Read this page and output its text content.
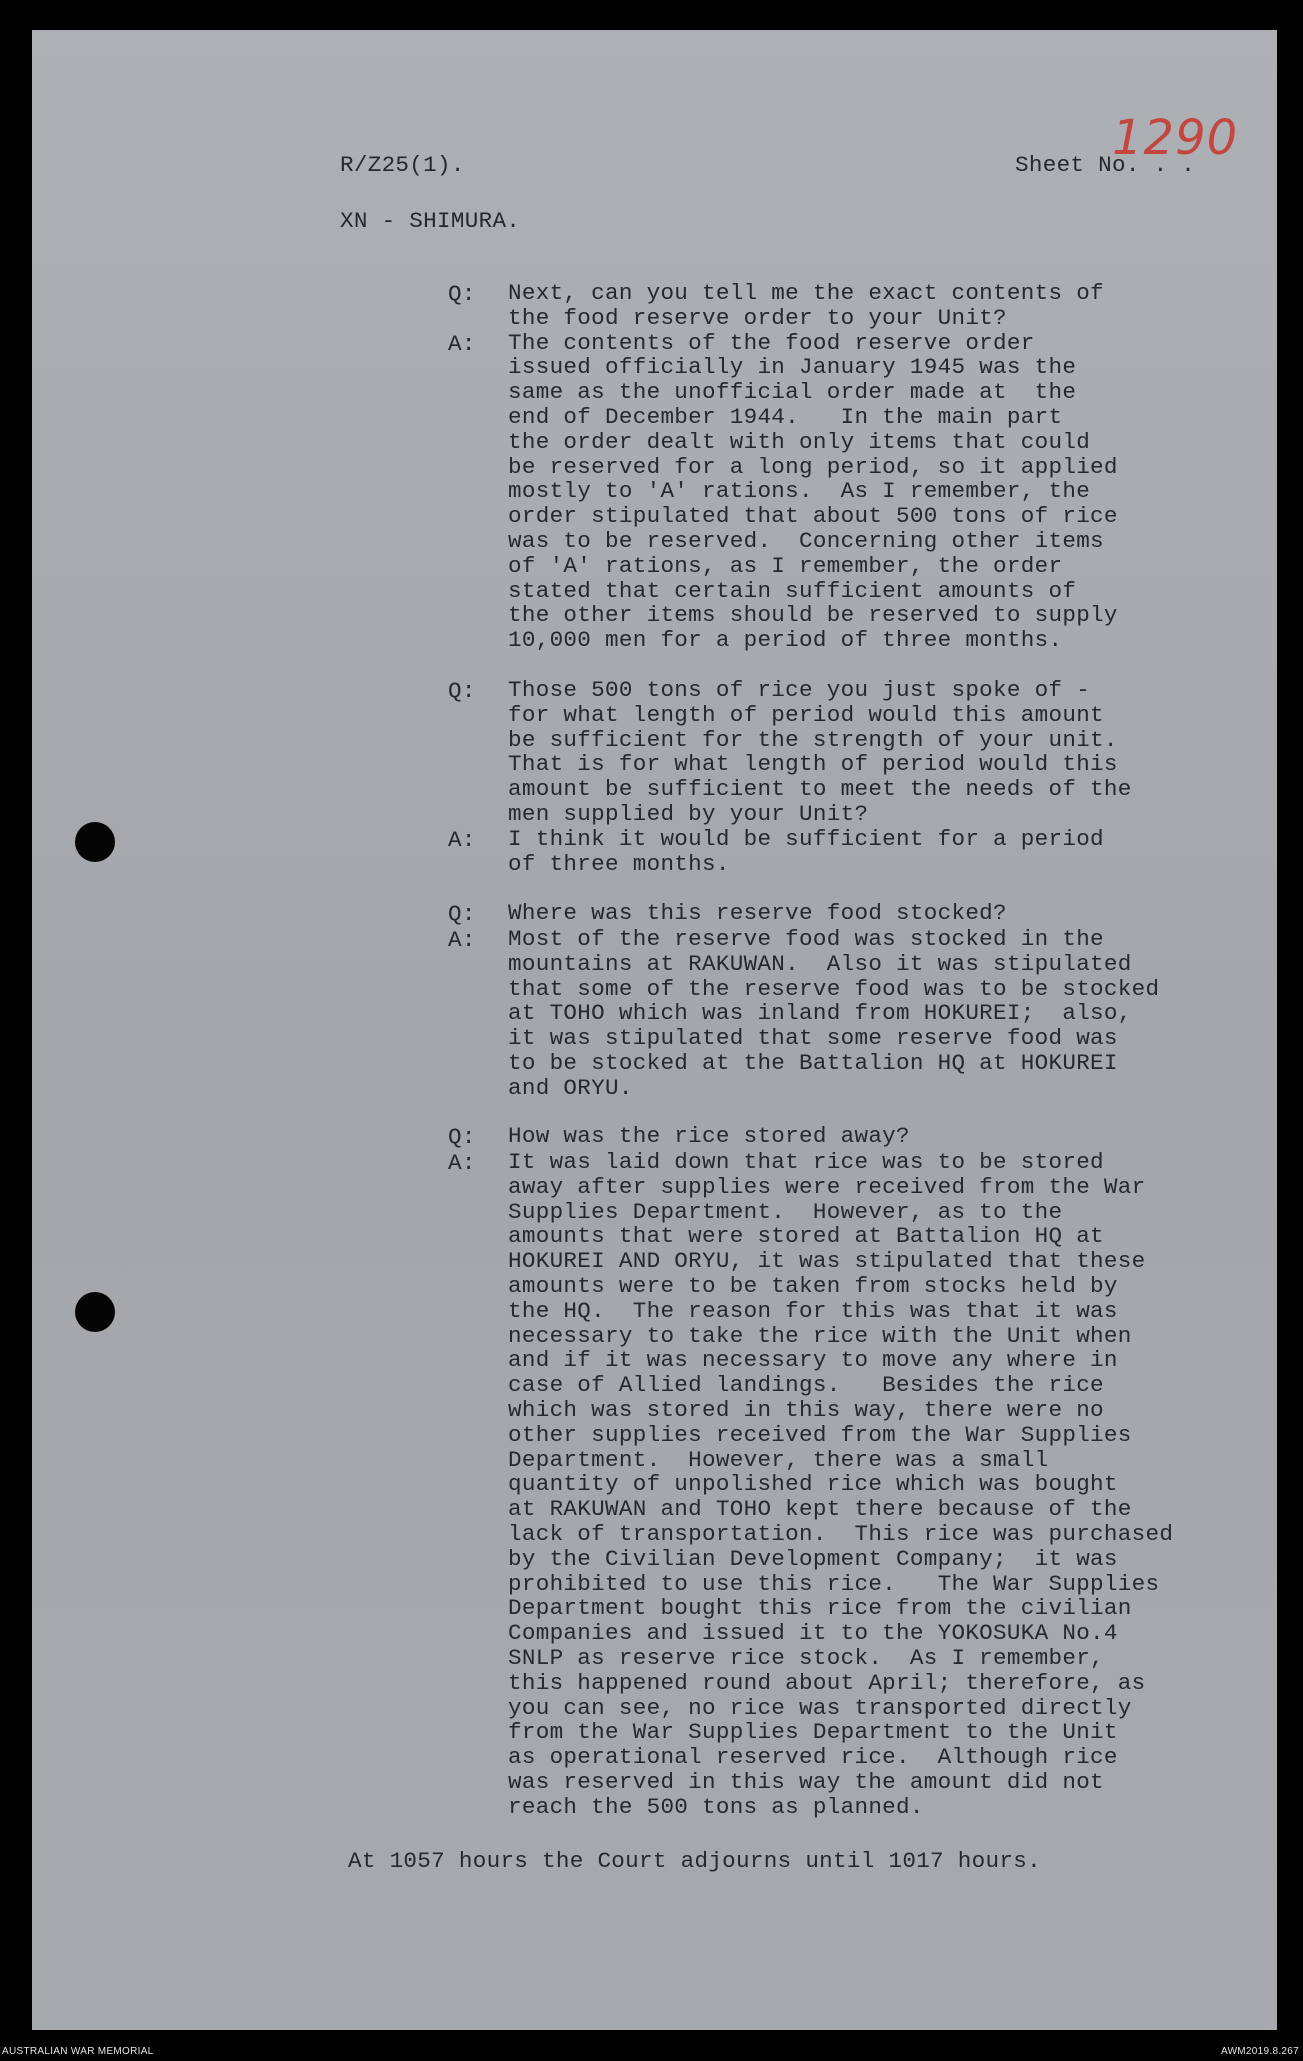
1290
R/Z25(1).	Sheet No. . .
XN - SHIMURA.
Q:	Next, can you tell me the exact contents of
the food reserve order to your Unit?
A:	The contents of the food reserve order
issued officially in January 1945 was the
same as the unofficial order made at  the
end of December 1944.   In the main part
the order dealt with only items that could
be reserved for a long period, so it applied
mostly to 'A' rations.  As I remember, the
order stipulated that about 500 tons of rice
was to be reserved.  Concerning other items
of 'A' rations, as I remember, the order
stated that certain sufficient amounts of
the other items should be reserved to supply
10,000 men for a period of three months.
Q:	Those 500 tons of rice you just spoke of -
for what length of period would this amount
be sufficient for the strength of your unit.
That is for what length of period would this
amount be sufficient to meet the needs of the
men supplied by your Unit?
A:	I think it would be sufficient for a period
of three months.
Q:	Where was this reserve food stocked?
A:	Most of the reserve food was stocked in the
mountains at RAKUWAN.  Also it was stipulated
that some of the reserve food was to be stocked
at TOHO which was inland from HOKUREI;  also,
it was stipulated that some reserve food was
to be stocked at the Battalion HQ at HOKUREI
and ORYU.
Q:	How was the rice stored away?
A:	It was laid down that rice was to be stored
away after supplies were received from the War
Supplies Department.  However, as to the
amounts that were stored at Battalion HQ at
HOKUREI AND ORYU, it was stipulated that these
amounts were to be taken from stocks held by
the HQ.  The reason for this was that it was
necessary to take the rice with the Unit when
and if it was necessary to move any where in
case of Allied landings.   Besides the rice
which was stored in this way, there were no
other supplies received from the War Supplies
Department.  However, there was a small
quantity of unpolished rice which was bought
at RAKUWAN and TOHO kept there because of the
lack of transportation.  This rice was purchased
by the Civilian Development Company;  it was
prohibited to use this rice.   The War Supplies
Department bought this rice from the civilian
Companies and issued it to the YOKOSUKA No.4
SNLP as reserve rice stock.  As I remember,
this happened round about April; therefore, as
you can see, no rice was transported directly
from the War Supplies Department to the Unit
as operational reserved rice.  Although rice
was reserved in this way the amount did not
reach the 500 tons as planned.
At 1057 hours the Court adjourns until 1017 hours.
AUSTRALIAN WAR MEMORIAL	AWM2019.8.267
